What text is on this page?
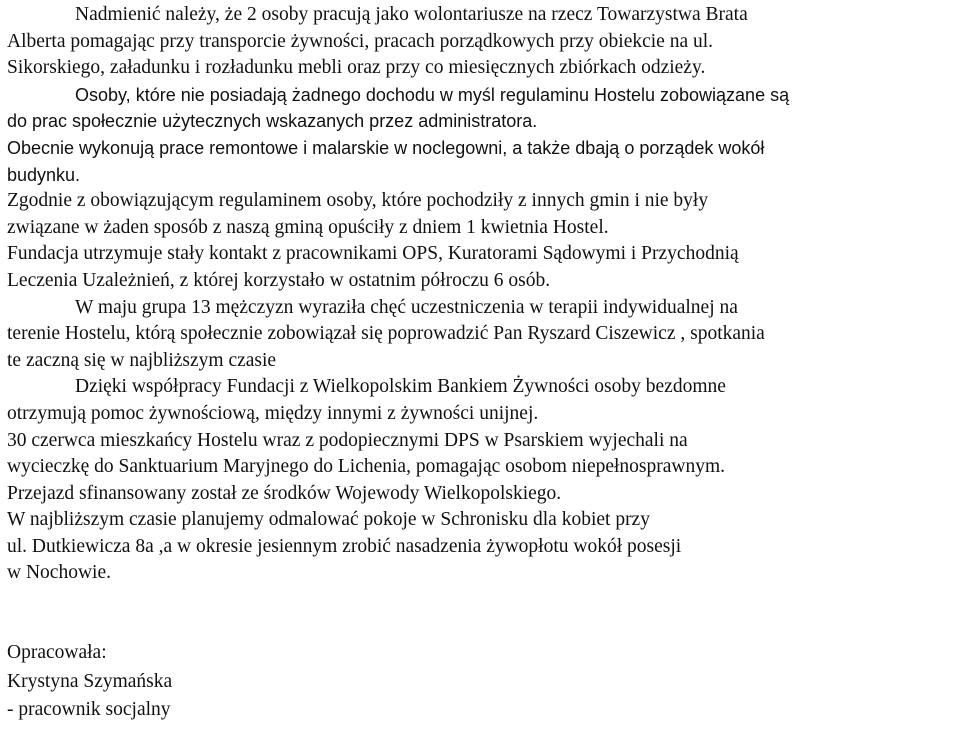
Nadmienić należy, że 2 osoby pracują jako wolontariusze na rzecz Towarzystwa Brata
Alberta pomagając przy transporcie żywności, pracach porządkowych przy obiekcie na ul.
Sikorskiego, załadunku i rozładunku mebli oraz przy co miesięcznych zbiórkach odzieży.
Osoby, które nie posiadają żadnego dochodu w myśl regulaminu Hostelu zobowiązane są
do prac społecznie użytecznych wskazanych przez administratora.
Obecnie wykonują prace remontowe i malarskie w noclegowni, a także dbają o porządek wokół
budynku.
Zgodnie z obowiązującym regulaminem osoby, które pochodziły z innych gmin i nie były
związane w żaden sposób z naszą gminą opuściły z dniem 1 kwietnia Hostel.
Fundacja utrzymuje stały kontakt z pracownikami OPS, Kuratorami Sądowymi i Przychodnią
Leczenia Uzależnień, z której korzystało w ostatnim półroczu 6 osób.
W maju grupa 13 mężczyzn wyraziła chęć uczestniczenia w terapii indywidualnej na
terenie Hostelu, którą społecznie zobowiązał się poprowadzić Pan Ryszard Ciszewicz , spotkania
te zaczną się w najbliższym czasie
Dzięki współpracy Fundacji z Wielkopolskim Bankiem Żywności osoby bezdomne
otrzymują pomoc żywnościową, między innymi z żywności unijnej.
30 czerwca mieszkańcy Hostelu wraz z podopiecznymi DPS w Psarskiem wyjechali na
wycieczkę do Sanktuarium Maryjnego do Lichenia, pomagając osobom niepełnosprawnym.
Przejazd sfinansowany został ze środków Wojewody Wielkopolskiego.
W najbliższym czasie planujemy odmalować pokoje w Schronisku dla kobiet przy
ul. Dutkiewicza 8a ,a w okresie jesiennym zrobić nasadzenia żywopłotu wokół posesji
w Nochowie.
Opracowała:
Krystyna Szymańska
- pracownik socjalny
